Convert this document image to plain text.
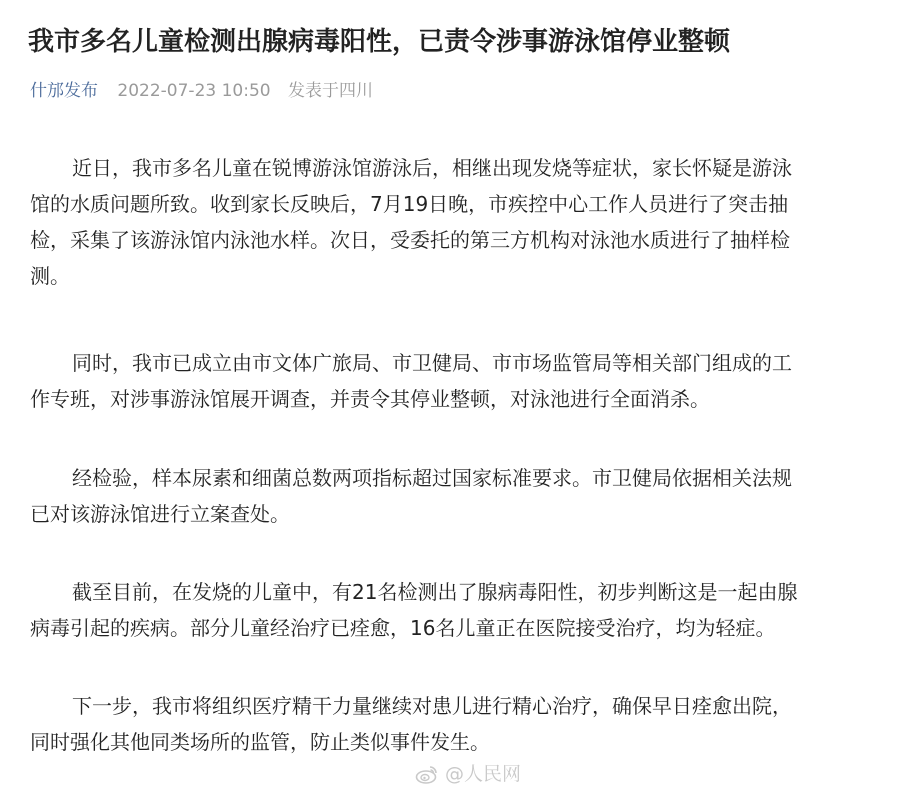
我市多名儿童检测出腺病毒阳性，已责令涉事游泳馆停业整顿
什邡发布 2022-07-23 10:50 发表于四川
近日，我市多名儿童在锐博游泳馆游泳后，相继出现发烧等症状，家长怀疑是游泳
馆的水质问题所致。收到家长反映后，7月19日晚，市疾控中心工作人员进行了突击抽
检，采集了该游泳馆内泳池水样。次日，受委托的第三方机构对泳池水质进行了抽样检
测。
同时，我市已成立由市文体广旅局、市卫健局、市市场监管局等相关部门组成的工
作专班，对涉事游泳馆展开调查，并责令其停业整顿，对泳池进行全面消杀。
经检验，样本尿素和细菌总数两项指标超过国家标准要求。市卫健局依据相关法规
已对该游泳馆进行立案查处。
截至目前，在发烧的儿童中，有21名检测出了腺病毒阳性，初步判断这是一起由腺
病毒引起的疾病。部分儿童经治疗已痊愈，16名儿童正在医院接受治疗，均为轻症。
下一步，我市将组织医疗精干力量继续对患儿进行精心治疗，确保早日痊愈出院，
同时强化其他同类场所的监管，防止类似事件发生。
@人民网
